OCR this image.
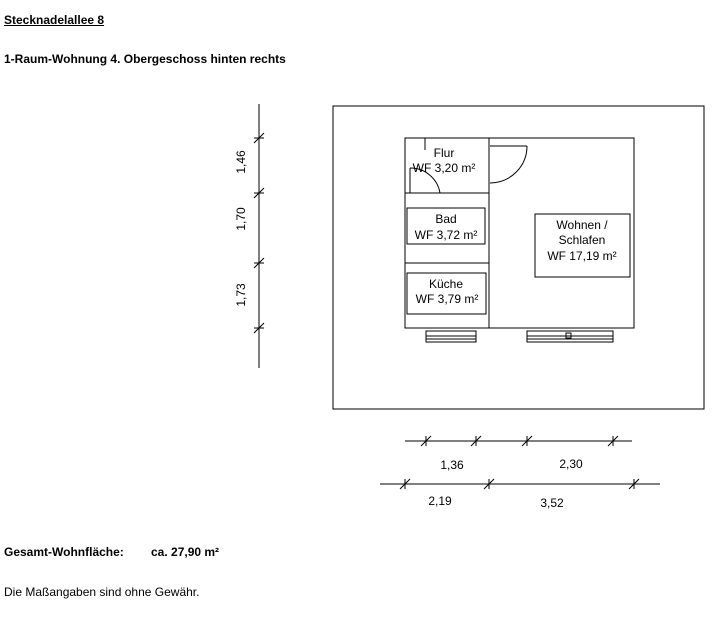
Stecknadelallee 8
1-Raum-Wohnung 4. Obergeschoss hinten rechts
Flur
WF 3,20 m²
Bad
WF 3,72 m²
Küche
WF 3,79 m²
Wohnen /
Schlafen
WF 17,19 m²
1,46
1,70
1,73
1,36	2,30
2,19	3,52
Gesamt-Wohnfläche: ca. 27,90 m²
Die Maßangaben sind ohne Gewähr.
